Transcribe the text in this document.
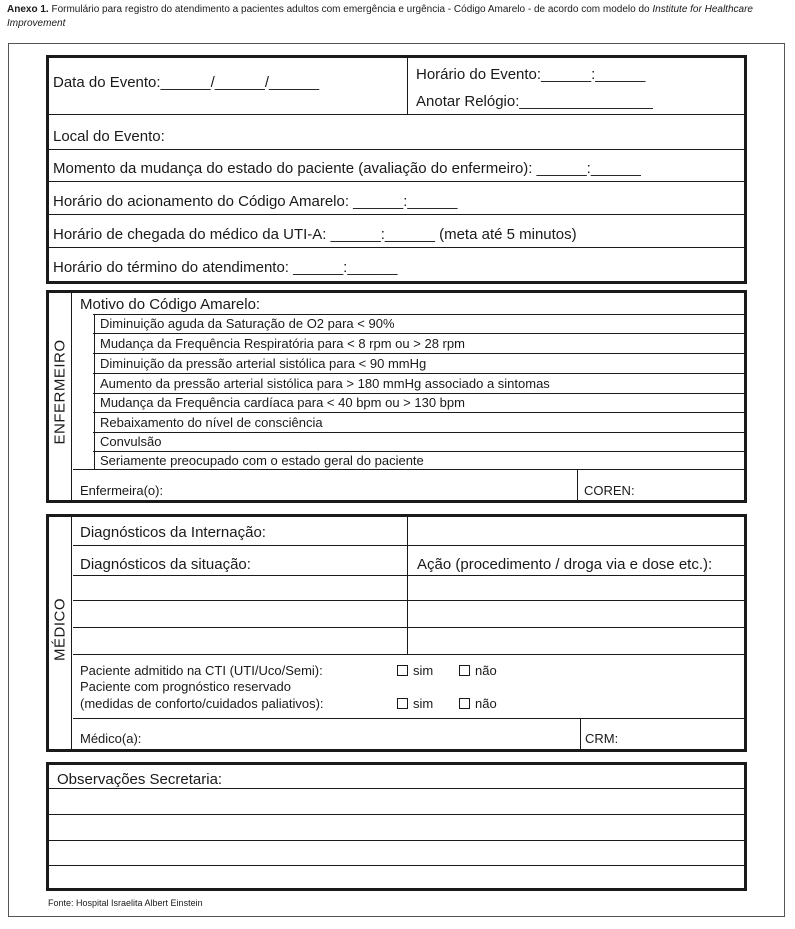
Anexo 1. Formulário para registro do atendimento a pacientes adultos com emergência e urgência - Código Amarelo - de acordo com modelo do Institute for Healthcare Improvement
Data do Evento:______/______/______	Horário do Evento:______:______
Anotar Relógio:________________
Local do Evento:
Momento da mudança do estado do paciente (avaliação do enfermeiro): ______:______
Horário do acionamento do Código Amarelo: ______:______
Horário de chegada do médico da UTI-A: ______:______ (meta até 5 minutos)
Horário do término do atendimento: ______:______
ENFERMEIRO
Motivo do Código Amarelo:
Diminuição aguda da Saturação de O2 para < 90%
Mudança da Frequência Respiratória para < 8 rpm ou > 28 rpm
Diminuição da pressão arterial sistólica para < 90 mmHg
Aumento da pressão arterial sistólica para > 180 mmHg associado a sintomas
Mudança da Frequência cardíaca para < 40 bpm ou > 130 bpm
Rebaixamento do nível de consciência
Convulsão
Seriamente preocupado com o estado geral do paciente
Enfermeira(o):	COREN:
MÉDICO
Diagnósticos da Internação:
Diagnósticos da situação:	Ação (procedimento / droga via e dose etc.):
Paciente admitido na CTI (UTI/Uco/Semi):	sim	não
Paciente com prognóstico reservado
(medidas de conforto/cuidados paliativos):	sim	não
Médico(a):	CRM:
Observações Secretaria:
Fonte: Hospital Israelita Albert Einstein
